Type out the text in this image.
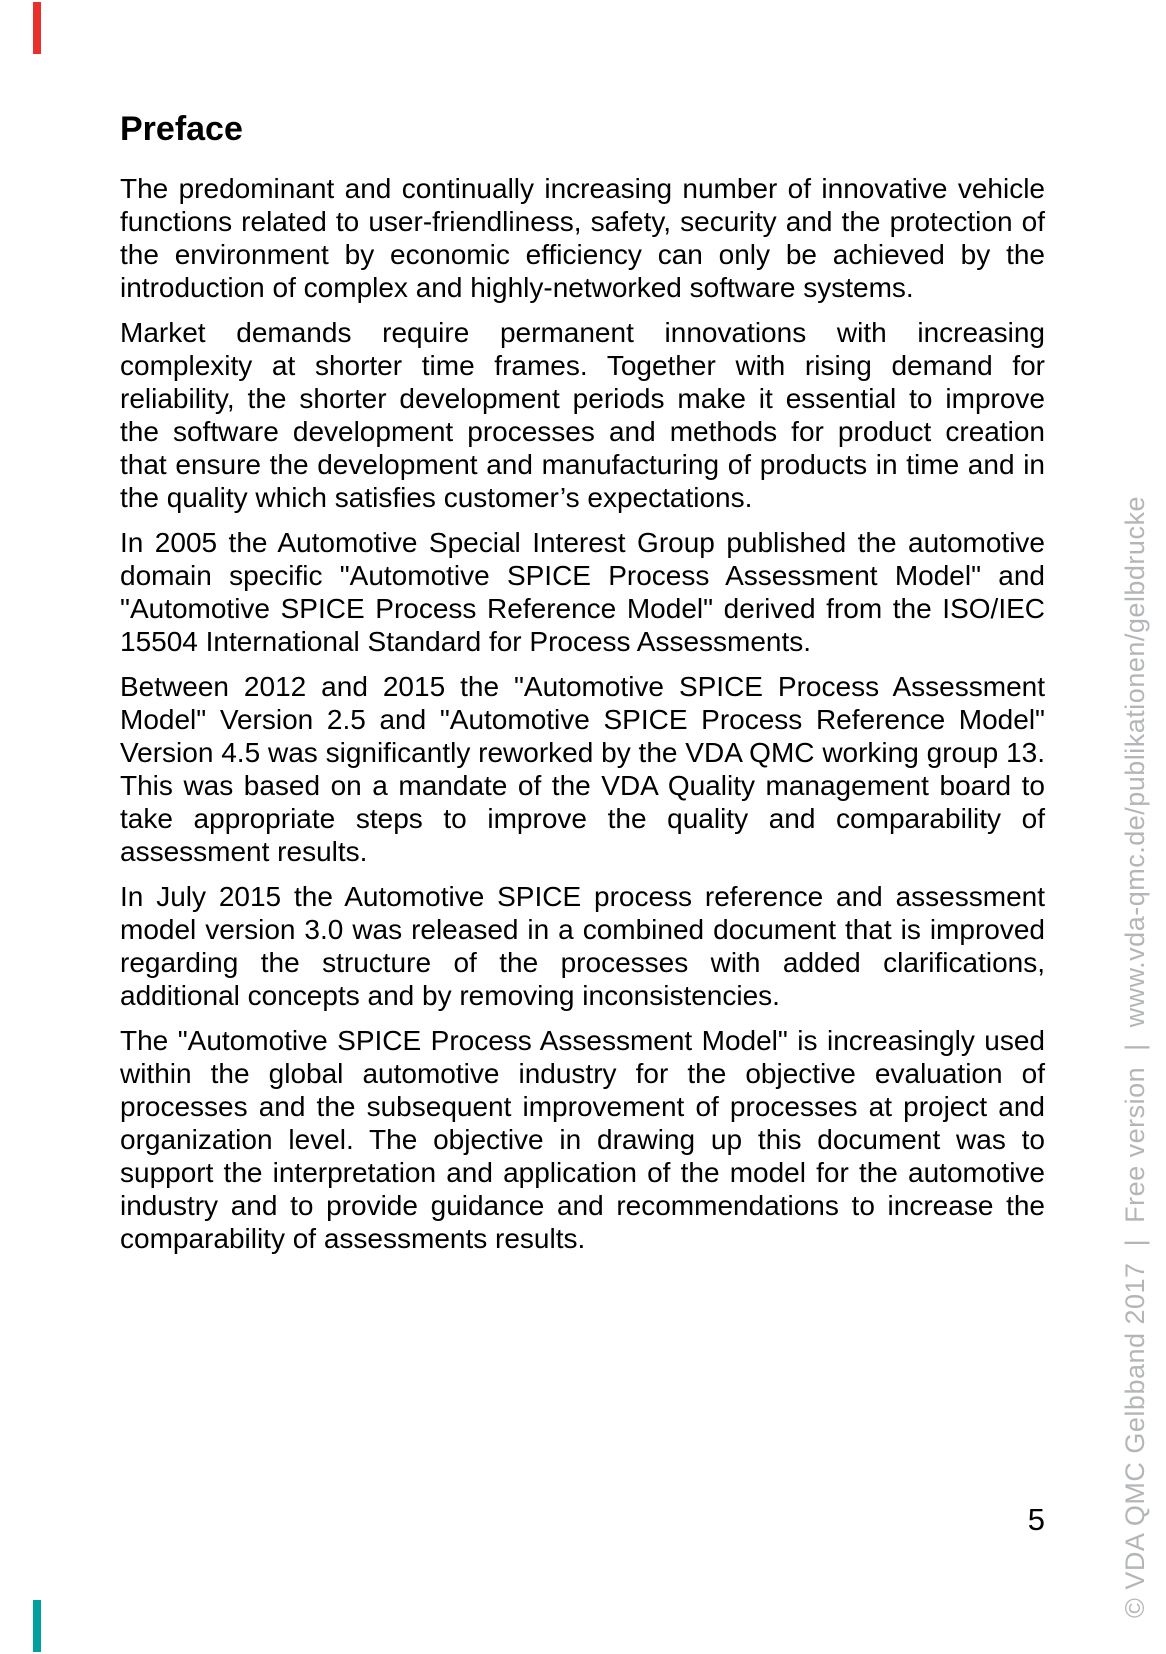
Preface

The predominant and continually increasing number of innovative vehicle functions related to user-friendliness, safety, security and the protection of the environment by economic efficiency can only be achieved by the introduction of complex and highly-networked software systems.

Market demands require permanent innovations with increasing complexity at shorter time frames. Together with rising demand for reliability, the shorter development periods make it essential to improve the software development processes and methods for product creation that ensure the development and manufacturing of products in time and in the quality which satisfies customer’s expectations.

In 2005 the Automotive Special Interest Group published the automotive domain specific "Automotive SPICE Process Assessment Model" and "Automotive SPICE Process Reference Model" derived from the ISO/IEC 15504 International Standard for Process Assessments.

Between 2012 and 2015 the "Automotive SPICE Process Assessment Model" Version 2.5 and "Automotive SPICE Process Reference Model" Version 4.5 was significantly reworked by the VDA QMC working group 13. This was based on a mandate of the VDA Quality management board to take appropriate steps to improve the quality and comparability of assessment results.

In July 2015 the Automotive SPICE process reference and assessment model version 3.0 was released in a combined document that is improved regarding the structure of the processes with added clarifications, additional concepts and by removing inconsistencies.

The "Automotive SPICE Process Assessment Model" is increasingly used within the global automotive industry for the objective evaluation of processes and the subsequent improvement of processes at project and organization level. The objective in drawing up this document was to support the interpretation and application of the model for the automotive industry and to provide guidance and recommendations to increase the comparability of assessments results.

5	© VDA QMC Gelbband 2017  |  Free version  |  www.vda-qmc.de/publikationen/gelbdrucke
